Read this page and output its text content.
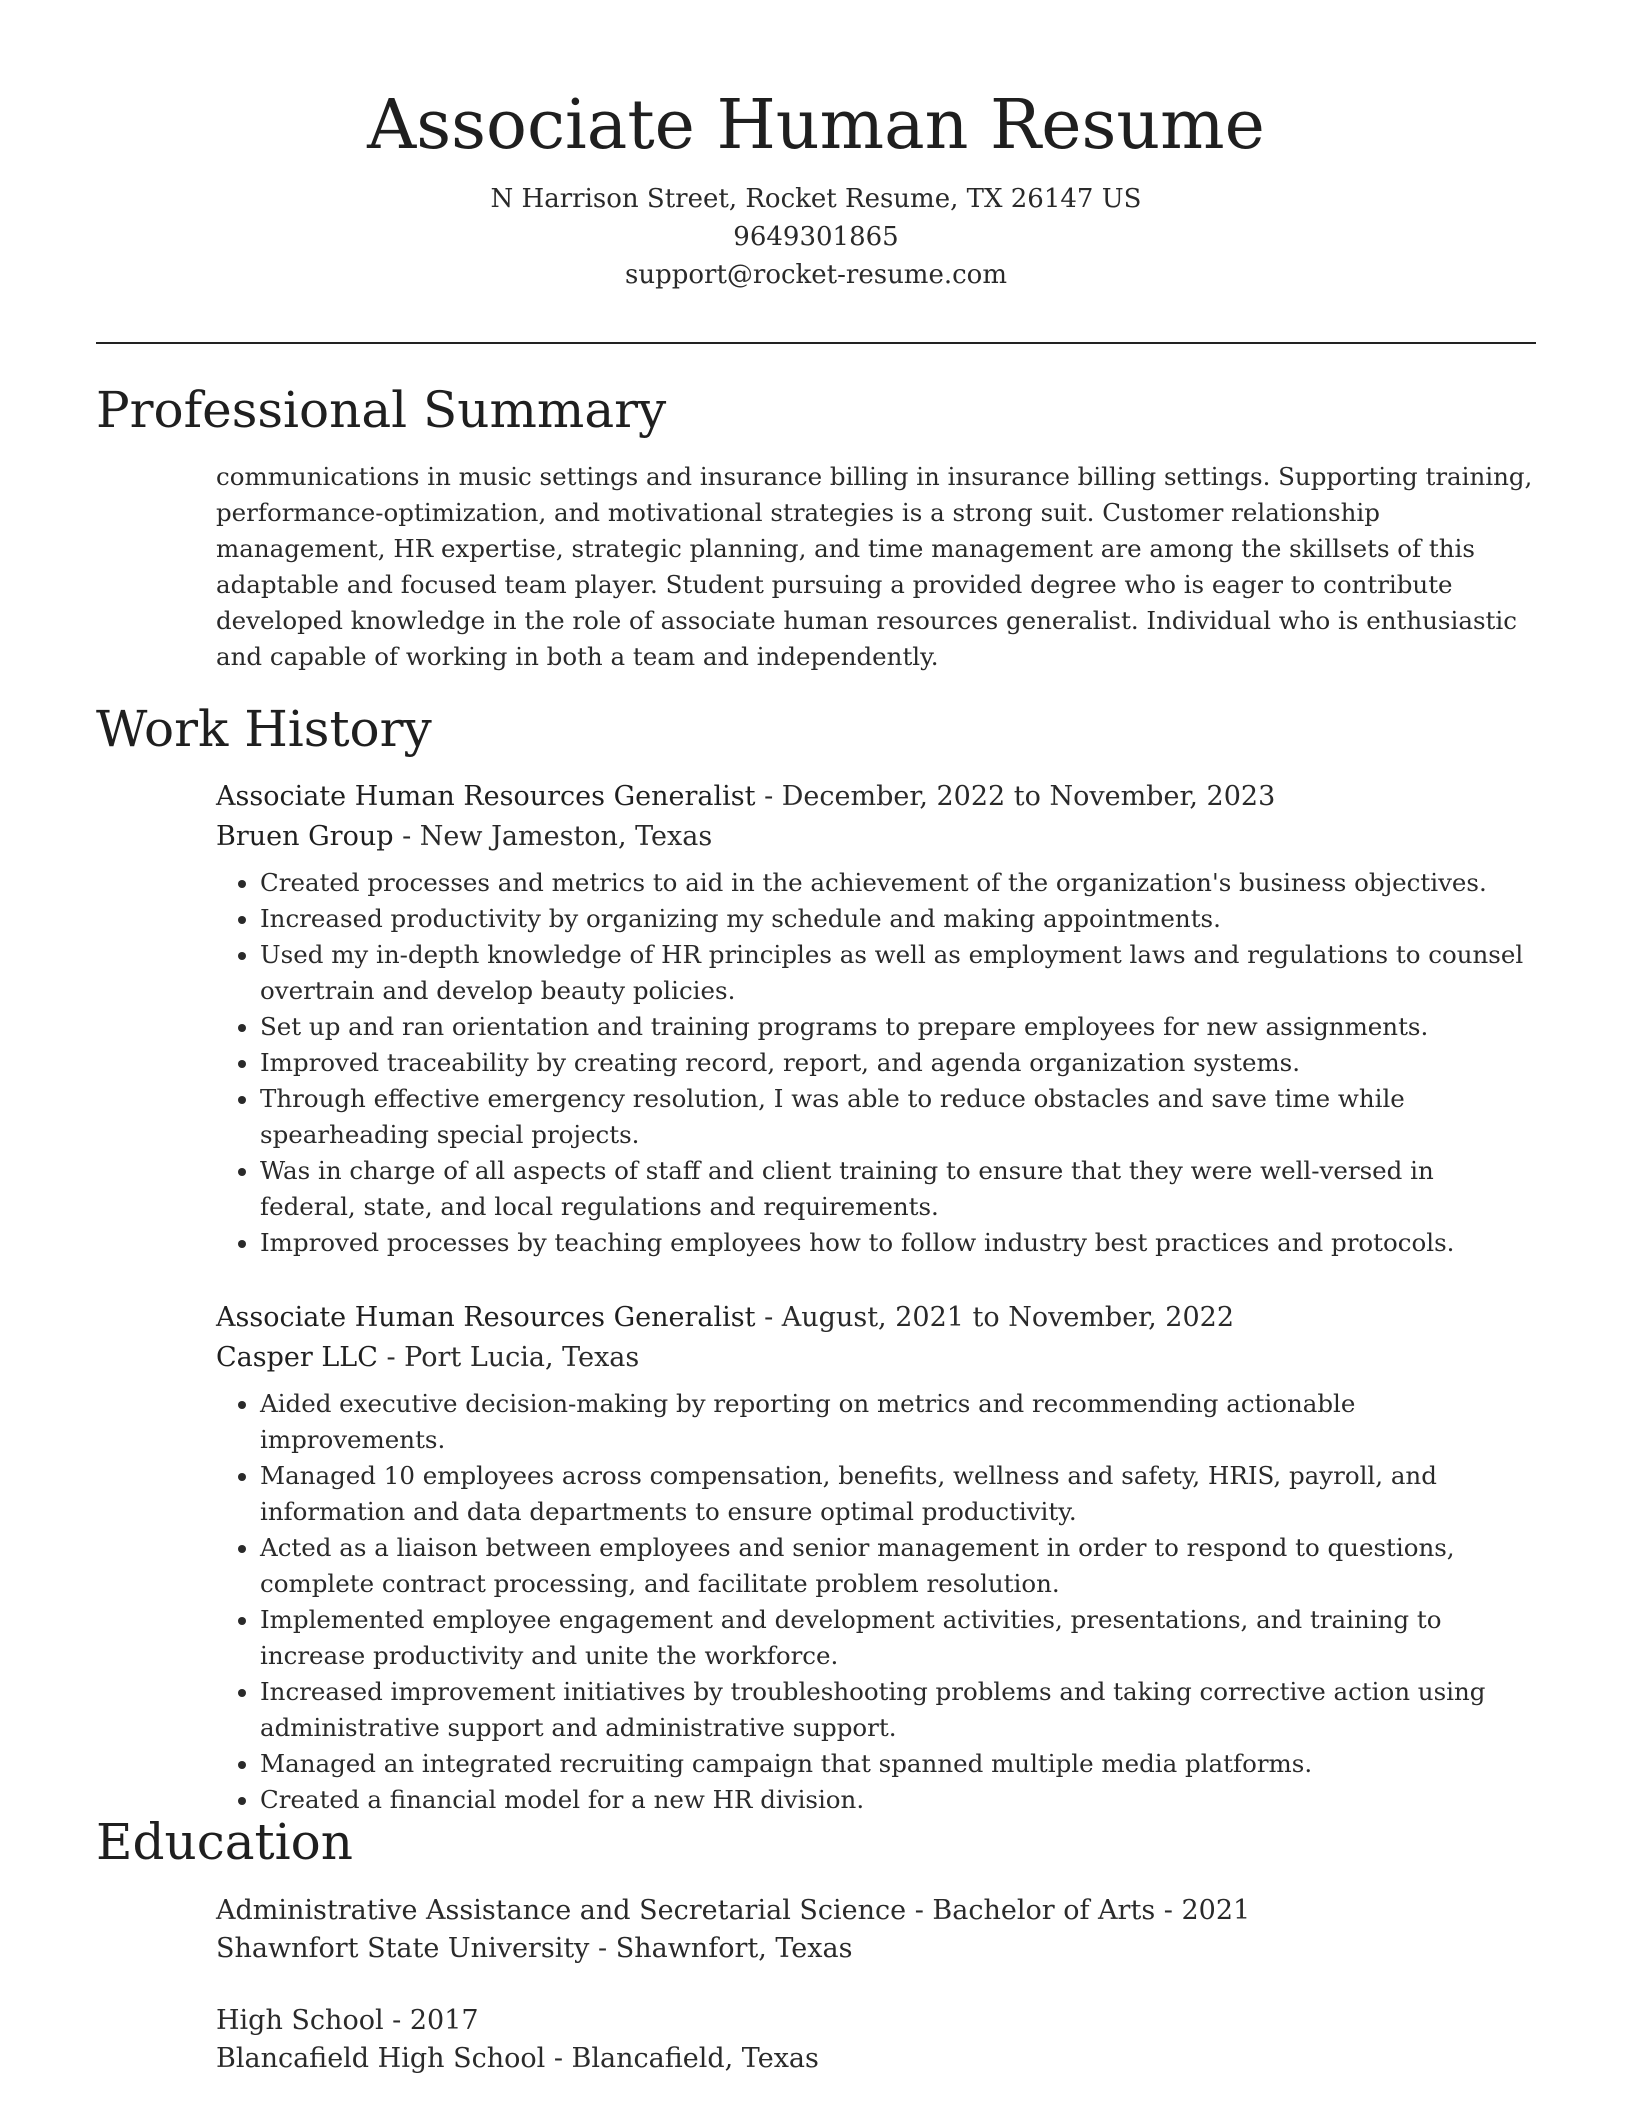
Associate Human Resume
N Harrison Street, Rocket Resume, TX 26147 US
9649301865
support@rocket-resume.com
Professional Summary

communications in music settings and insurance billing in insurance billing settings. Supporting training, performance-optimization, and motivational strategies is a strong suit. Customer relationship management, HR expertise, strategic planning, and time management are among the skillsets of this adaptable and focused team player. Student pursuing a provided degree who is eager to contribute developed knowledge in the role of associate human resources generalist. Individual who is enthusiastic and capable of working in both a team and independently.

Work History
Associate Human Resources Generalist - December, 2022 to November, 2023
Bruen Group - New Jameston, Texas
• Created processes and metrics to aid in the achievement of the organization's business objectives.
• Increased productivity by organizing my schedule and making appointments.
• Used my in-depth knowledge of HR principles as well as employment laws and regulations to counsel overtrain and develop beauty policies.
• Set up and ran orientation and training programs to prepare employees for new assignments.
• Improved traceability by creating record, report, and agenda organization systems.
• Through effective emergency resolution, I was able to reduce obstacles and save time while spearheading special projects.
• Was in charge of all aspects of staff and client training to ensure that they were well-versed in federal, state, and local regulations and requirements.
• Improved processes by teaching employees how to follow industry best practices and protocols.
Associate Human Resources Generalist - August, 2021 to November, 2022
Casper LLC - Port Lucia, Texas
• Aided executive decision-making by reporting on metrics and recommending actionable improvements.
• Managed 10 employees across compensation, benefits, wellness and safety, HRIS, payroll, and information and data departments to ensure optimal productivity.
• Acted as a liaison between employees and senior management in order to respond to questions, complete contract processing, and facilitate problem resolution.
• Implemented employee engagement and development activities, presentations, and training to increase productivity and unite the workforce.
• Increased improvement initiatives by troubleshooting problems and taking corrective action using administrative support and administrative support.
• Managed an integrated recruiting campaign that spanned multiple media platforms.
• Created a financial model for a new HR division.
Education
Administrative Assistance and Secretarial Science - Bachelor of Arts - 2021
Shawnfort State University - Shawnfort, Texas
High School - 2017
Blancafield High School - Blancafield, Texas
